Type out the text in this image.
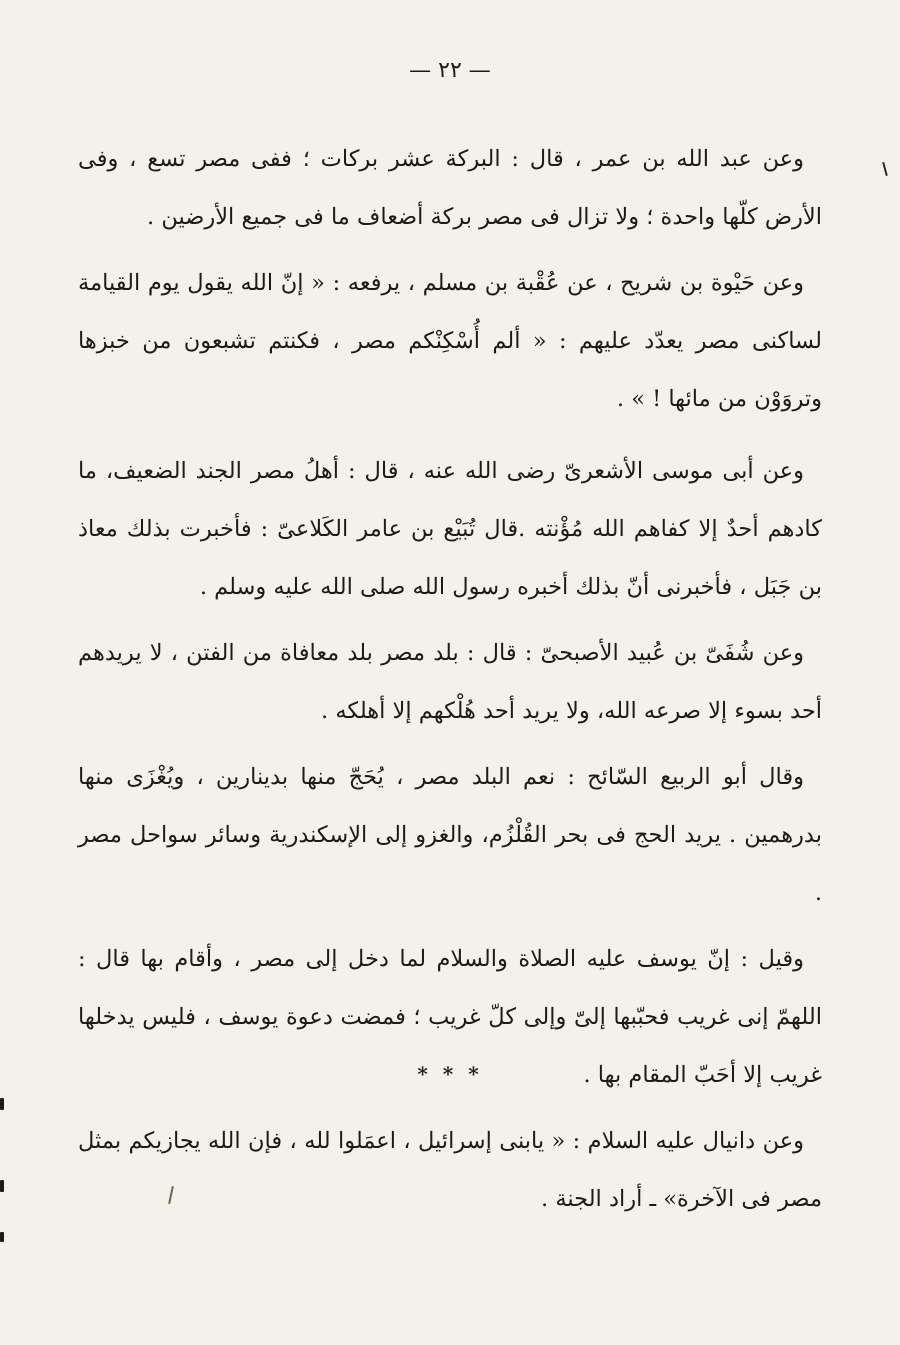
— ٢٢ —

وعن عبد الله بن عمر ، قال : البركة عشر بركات ؛ ففى مصر تسع ، وفى الأرض كلّها واحدة ؛ ولا تزال فى مصر بركة أضعاف ما فى جميع الأرضين .

وعن حَيْوة بن شريح ، عن عُقْبة بن مسلم ، يرفعه : « إنّ الله يقول يوم القيامة لساكنى مصر يعدّد عليهم : « ألم أُسْكِنْكم مصر ، فكنتم تشبعون من خبزها وتروَوْن من مائها ! » .

وعن أبى موسى الأشعرىّ رضى الله عنه ، قال : أهلُ مصر الجند الضعيف، ما كادهم أحدٌ إلا كفاهم الله مُؤْنته .قال تُبَيْع بن عامر الكَلاعىّ : فأخبرت بذلك معاذ بن جَبَل ، فأخبرنى أنّ بذلك أخبره رسول الله صلى الله عليه وسلم .

وعن شُفَىّ بن عُبيد الأصبحىّ : قال : بلد مصر بلد معافاة من الفتن ، لا يريدهم أحد بسوء إلا صرعه الله، ولا يريد أحد هُلْكهم إلا أهلكه .

وقال أبو الربيع السّائح : نعم البلد مصر ، يُحَجّ منها بدينارين ، ويُغْزَى منها بدرهمين . يريد الحج فى بحر القُلْزُم، والغزو إلى الإسكندرية وسائر سواحل مصر .

وقيل : إنّ يوسف عليه الصلاة والسلام لما دخل إلى مصر ، وأقام بها قال : اللهمّ إنى غريب فحبّبها إلىّ وإلى كلّ غريب ؛ فمضت دعوة يوسف ، فليس يدخلها غريب إلا أحَبّ المقام بها .

وعن دانيال عليه السلام : « يابنى إسرائيل ، اعمَلوا لله ، فإن الله يجازيكم بمثل مصر فى الآخرة» ـ أراد الجنة .

* * *
